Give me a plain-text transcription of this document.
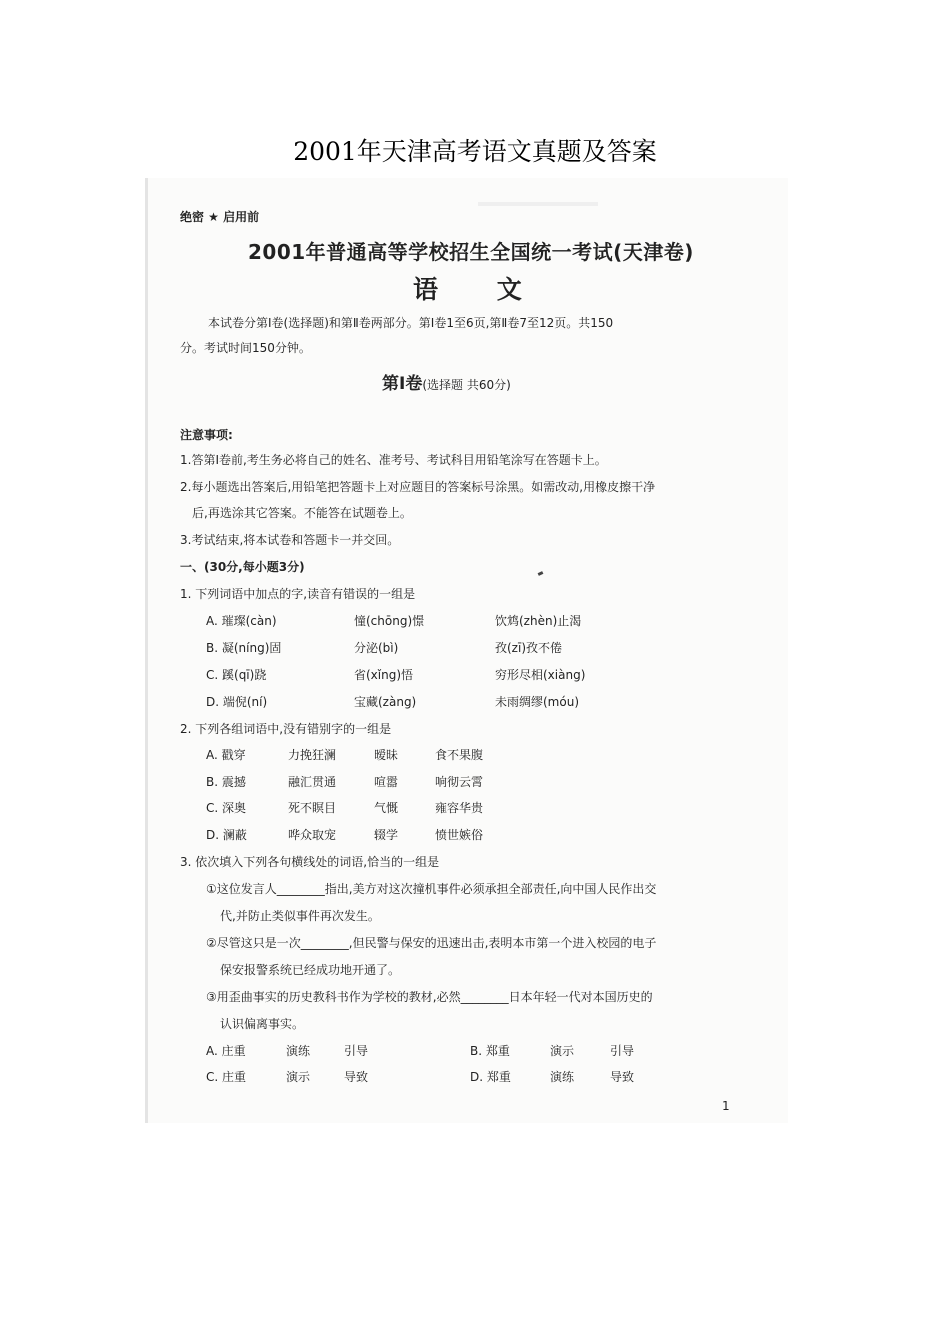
2001年天津高考语文真题及答案
绝密 ★ 启用前
2001年普通高等学校招生全国统一考试(天津卷)
语 文
本试卷分第Ⅰ卷(选择题)和第Ⅱ卷两部分。第Ⅰ卷1至6页,第Ⅱ卷7至12页。共150
分。考试时间150分钟。
第Ⅰ卷(选择题 共60分)
注意事项:
1.答第Ⅰ卷前,考生务必将自己的姓名、准考号、考试科目用铅笔涂写在答题卡上。
2.每小题选出答案后,用铅笔把答题卡上对应题目的答案标号涂黑。如需改动,用橡皮擦干净
后,再选涂其它答案。不能答在试题卷上。
3.考试结束,将本试卷和答题卡一并交回。
一、(30分,每小题3分)
1. 下列词语中加点的字,读音有错误的一组是
A. 璀璨(càn)	憧(chōng)憬	饮鸩(zhèn)止渴
B. 凝(níng)固	分泌(bì)	孜(zī)孜不倦
C. 蹊(qī)跷	省(xǐng)悟	穷形尽相(xiàng)
D. 端倪(ní)	宝藏(zàng)	未雨绸缪(móu)
2. 下列各组词语中,没有错别字的一组是
A. 戳穿	力挽狂澜	暧昧	食不果腹
B. 震撼	融汇贯通	喧嚣	响彻云霄
C. 深奥	死不瞑目	气慨	雍容华贵
D. 澜蔽	哗众取宠	辍学	愤世嫉俗
3. 依次填入下列各句横线处的词语,恰当的一组是
①这位发言人________指出,美方对这次撞机事件必须承担全部责任,向中国人民作出交
代,并防止类似事件再次发生。
②尽管这只是一次________,但民警与保安的迅速出击,表明本市第一个进入校园的电子
保安报警系统已经成功地开通了。
③用歪曲事实的历史教科书作为学校的教材,必然________日本年轻一代对本国历史的
认识偏离事实。
A. 庄重	演练	引导	B. 郑重	演示	引导
C. 庄重	演示	导致	D. 郑重	演练	导致
1
